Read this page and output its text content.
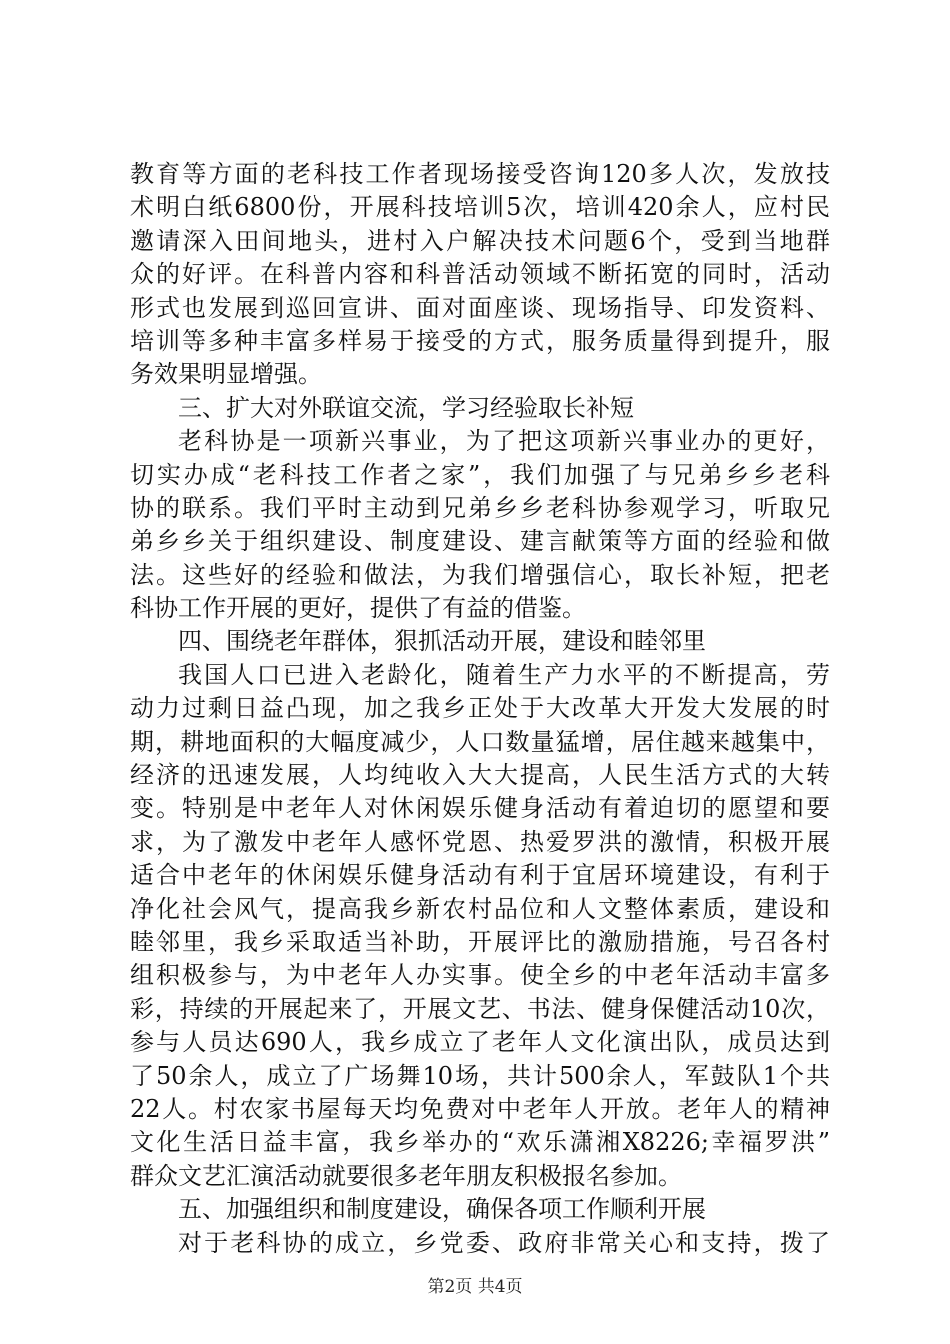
教育等方面的老科技工作者现场接受咨询120多人次，发放技
术明白纸6800份，开展科技培训5次，培训420余人，应村民
邀请深入田间地头，进村入户解决技术问题6个，受到当地群
众的好评。在科普内容和科普活动领域不断拓宽的同时，活动
形式也发展到巡回宣讲、面对面座谈、现场指导、印发资料、
培训等多种丰富多样易于接受的方式，服务质量得到提升，服
务效果明显增强。
三、扩大对外联谊交流，学习经验取长补短
老科协是一项新兴事业，为了把这项新兴事业办的更好，
切实办成“老科技工作者之家”，我们加强了与兄弟乡乡老科
协的联系。我们平时主动到兄弟乡乡老科协参观学习，听取兄
弟乡乡关于组织建设、制度建设、建言献策等方面的经验和做
法。这些好的经验和做法，为我们增强信心，取长补短，把老
科协工作开展的更好，提供了有益的借鉴。
四、围绕老年群体，狠抓活动开展，建设和睦邻里
我国人口已进入老龄化，随着生产力水平的不断提高，劳
动力过剩日益凸现，加之我乡正处于大改革大开发大发展的时
期，耕地面积的大幅度减少，人口数量猛增，居住越来越集中，
经济的迅速发展，人均纯收入大大提高，人民生活方式的大转
变。特别是中老年人对休闲娱乐健身活动有着迫切的愿望和要
求，为了激发中老年人感怀党恩、热爱罗洪的激情，积极开展
适合中老年的休闲娱乐健身活动有利于宜居环境建设，有利于
净化社会风气，提高我乡新农村品位和人文整体素质，建设和
睦邻里，我乡采取适当补助，开展评比的激励措施，号召各村
组积极参与，为中老年人办实事。使全乡的中老年活动丰富多
彩，持续的开展起来了，开展文艺、书法、健身保健活动10次，
参与人员达690人，我乡成立了老年人文化演出队，成员达到
了50余人，成立了广场舞10场，共计500余人，军鼓队1个共
22人。村农家书屋每天均免费对中老年人开放。老年人的精神
文化生活日益丰富，我乡举办的“欢乐潇湘X8226;幸福罗洪”
群众文艺汇演活动就要很多老年朋友积极报名参加。
五、加强组织和制度建设，确保各项工作顺利开展
对于老科协的成立，乡党委、政府非常关心和支持，拨了
第2页 共4页
